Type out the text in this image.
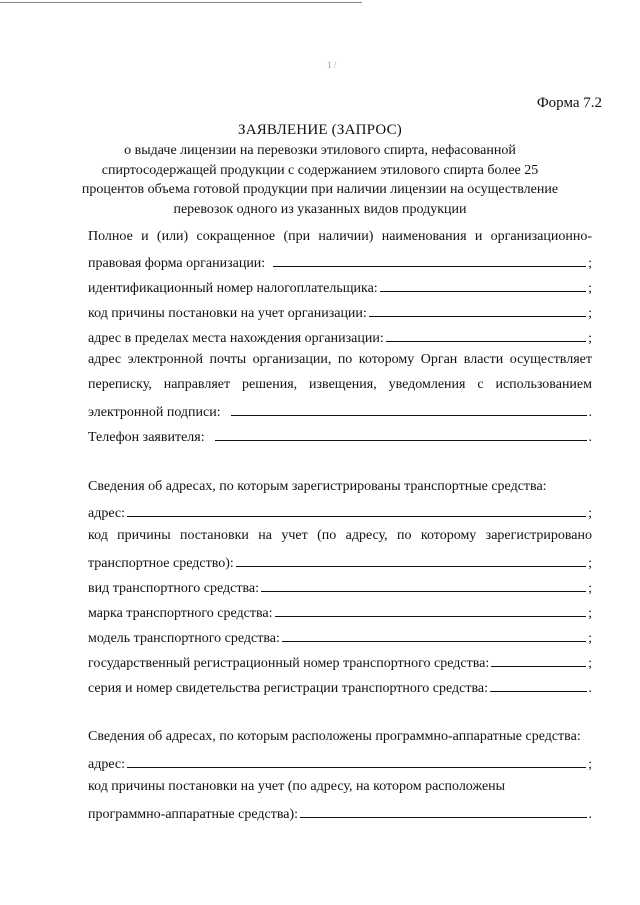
1 /
Форма 7.2
ЗАЯВЛЕНИЕ (ЗАПРОС)
о выдаче лицензии на перевозки этилового спирта, нефасованной
спиртосодержащей продукции с содержанием этилового спирта более 25
процентов объема готовой продукции при наличии лицензии на осуществление
перевозок одного из указанных видов продукции
Полное и (или) сокращенное (при наличии) наименования и организационно-
правовая форма организации:	;
идентификационный номер налогоплательщика:	;
код причины постановки на учет организации:	;
адрес в пределах места нахождения организации:	;
адрес электронной почты организации, по которому Орган власти осуществляет
переписку, направляет решения, извещения, уведомления с использованием
электронной подписи:	.
Телефон заявителя:	.
Сведения об адресах, по которым зарегистрированы транспортные средства:
адрес:	;
код причины постановки на учет (по адресу, по которому зарегистрировано
транспортное средство):	;
вид транспортного средства:	;
марка транспортного средства:	;
модель транспортного средства:	;
государственный регистрационный номер транспортного средства:	;
серия и номер свидетельства регистрации транспортного средства:	.
Сведения об адресах, по которым расположены программно-аппаратные средства:
адрес:	;
код причины постановки на учет (по адресу, на котором расположены
программно-аппаратные средства):	.
